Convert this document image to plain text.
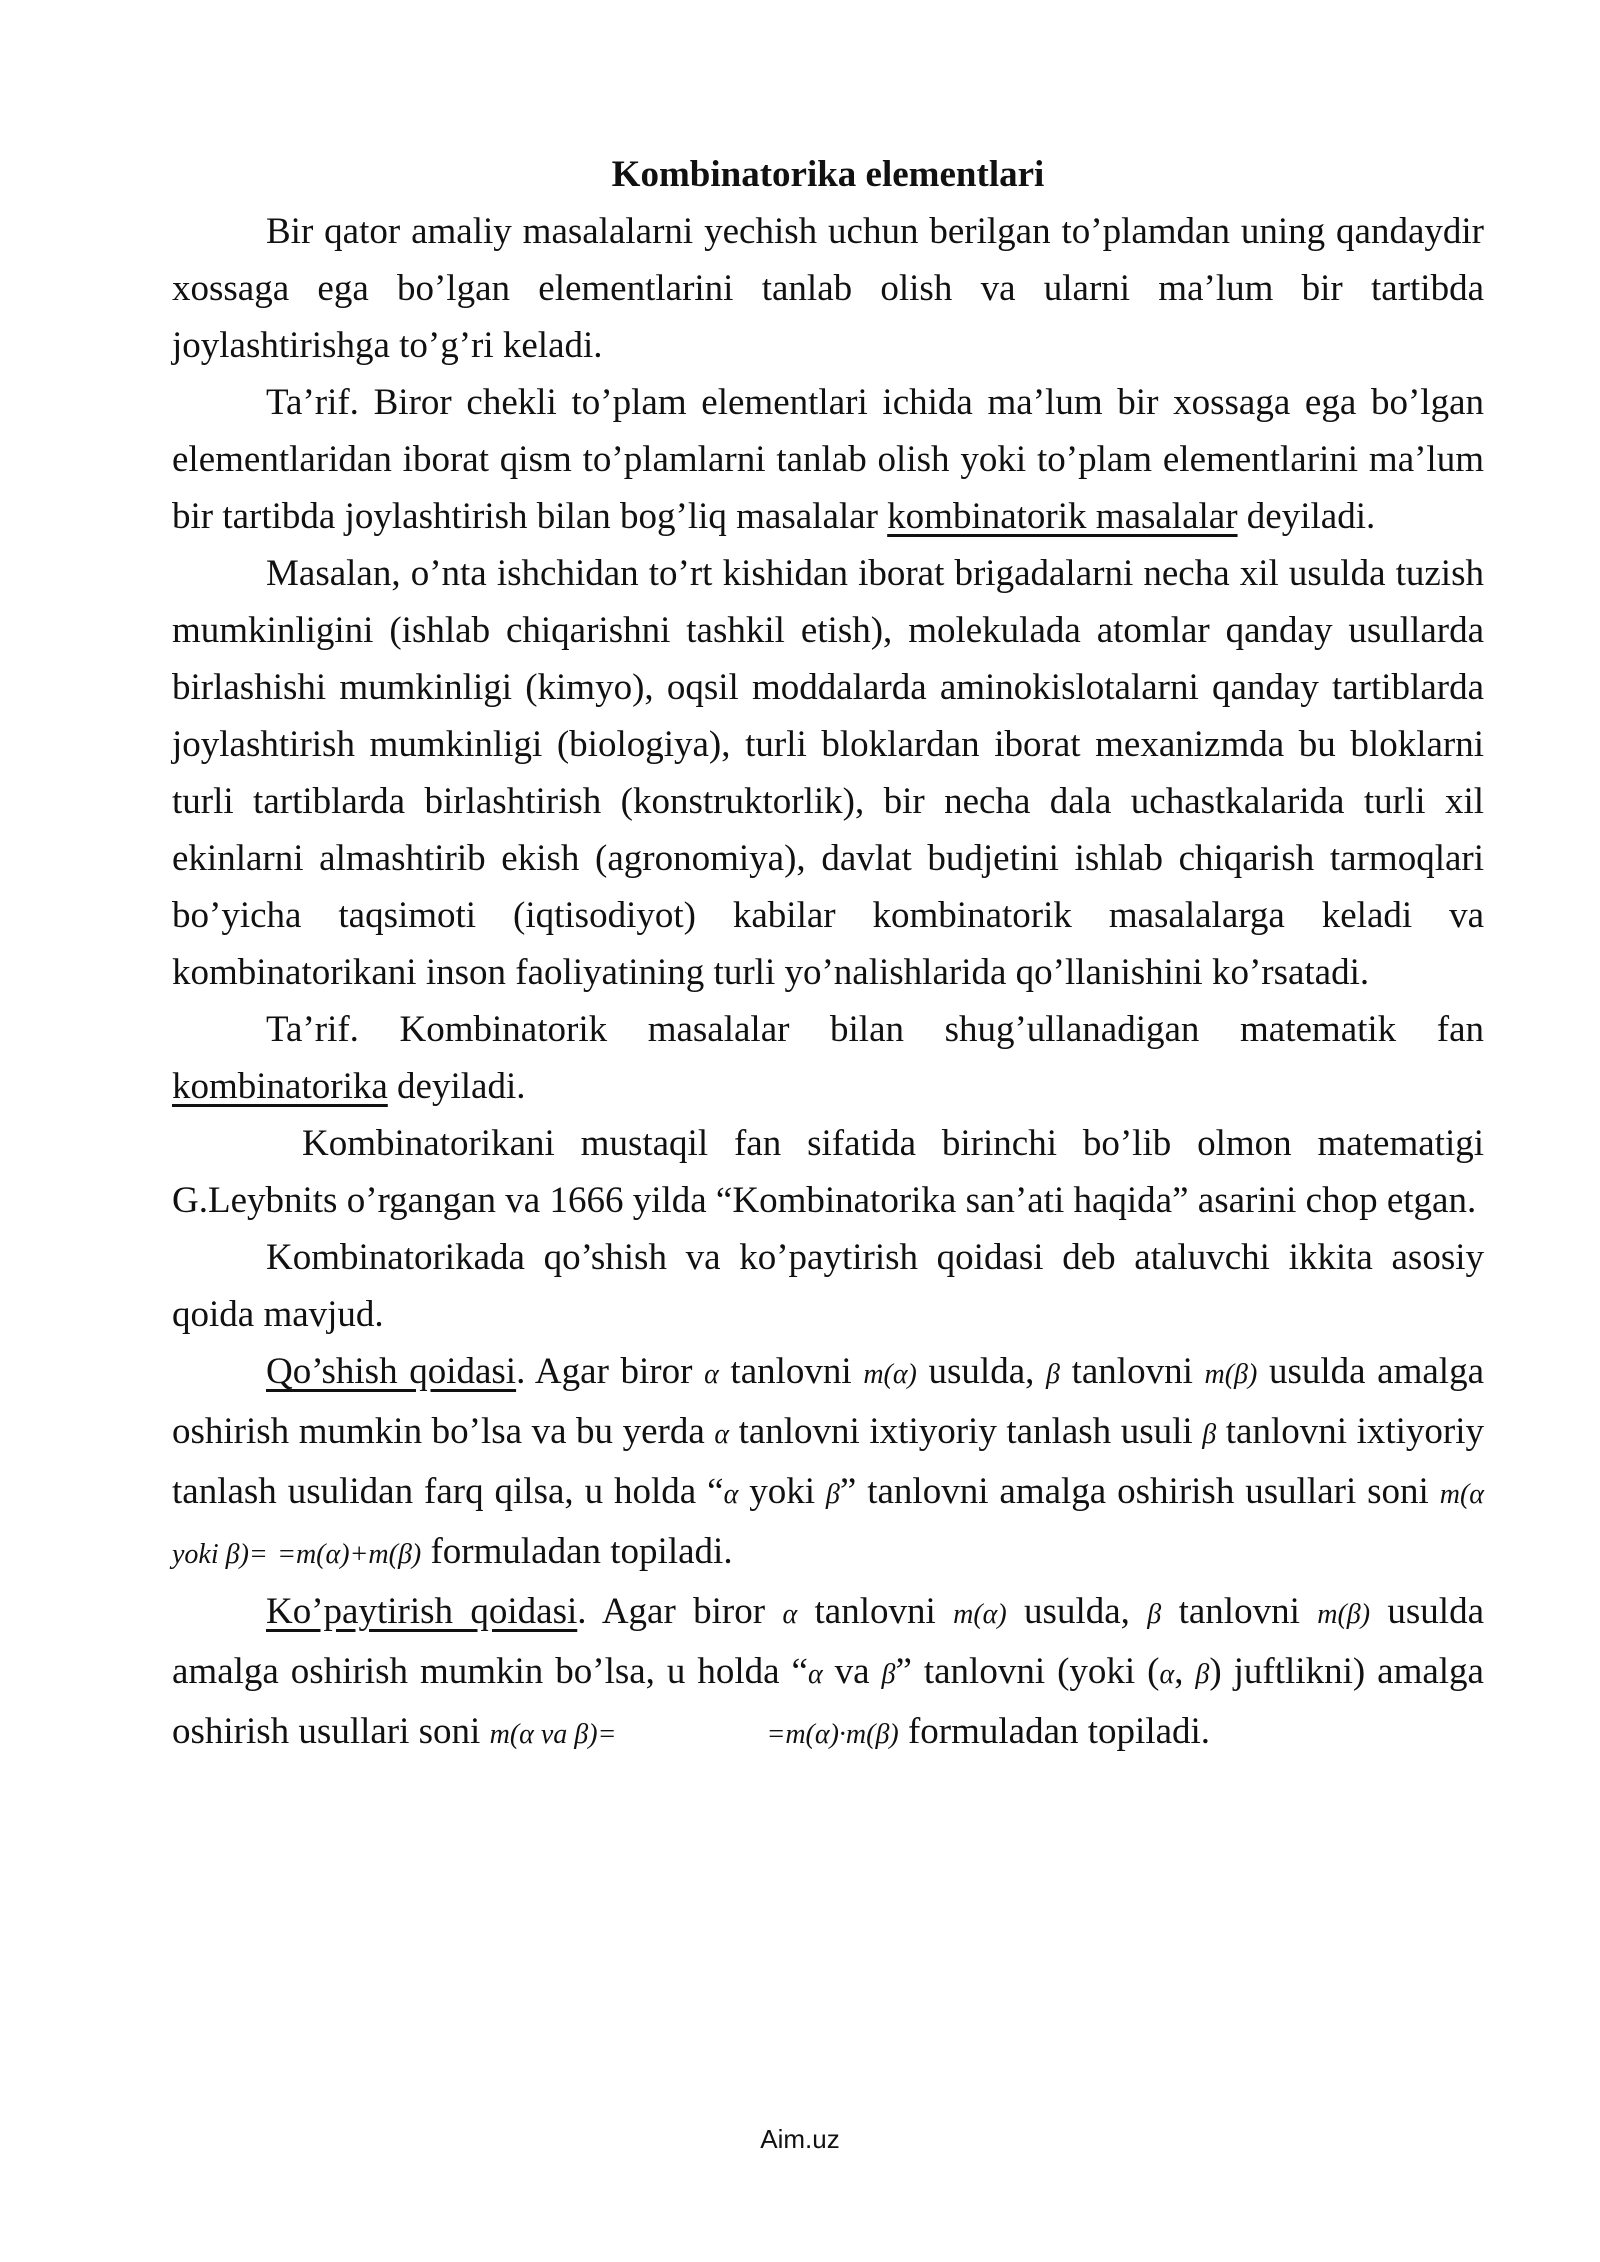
Kombinatorika elementlari

Bir qator amaliy masalalarni yechish uchun berilgan to’plamdan uning qandaydir xossaga ega bo’lgan elementlarini tanlab olish va ularni ma’lum bir tartibda joylashtirishga to’g’ri keladi.

Ta’rif. Biror chekli to’plam elementlari ichida ma’lum bir xossaga ega bo’lgan elementlaridan iborat qism to’plamlarni tanlab olish yoki to’plam elementlarini ma’lum bir tartibda joylashtirish bilan bog’liq masalalar kombinatorik masalalar deyiladi.

Masalan, o’nta ishchidan to’rt kishidan iborat brigadalarni necha xil usulda tuzish mumkinligini (ishlab chiqarishni tashkil etish), molekulada atomlar qanday usullarda birlashishi mumkinligi (kimyo), oqsil moddalarda aminokislotalarni qanday tartiblarda joylashtirish mumkinligi (biologiya), turli bloklardan iborat mexanizmda bu bloklarni turli tartiblarda birlashtirish (konstruktorlik), bir necha dala uchastkalarida turli xil ekinlarni almashtirib ekish (agronomiya), davlat budjetini ishlab chiqarish tarmoqlari bo’yicha taqsimoti (iqtisodiyot) kabilar kombinatorik masalalarga keladi va kombinatorikani inson faoliyatining turli yo’nalishlarida qo’llanishini ko’rsatadi.

Ta’rif. Kombinatorik masalalar bilan shug’ullanadigan matematik fan kombinatorika deyiladi.

Kombinatorikani mustaqil fan sifatida birinchi bo’lib olmon matematigi G.Leybnits o’rgangan va 1666 yilda “Kombinatorika san’ati haqida” asarini chop etgan.

Kombinatorikada qo’shish va ko’paytirish qoidasi deb ataluvchi ikkita asosiy qoida mavjud.

Qo’shish qoidasi. Agar biror α tanlovni m(α) usulda, β tanlovni m(β) usulda amalga oshirish mumkin bo’lsa va bu yerda α tanlovni ixtiyoriy tanlash usuli β tanlovni ixtiyoriy tanlash usulidan farq qilsa, u holda “α yoki β” tanlovni amalga oshirish usullari soni m(α yoki β)= =m(α)+m(β) formuladan topiladi.

Ko’paytirish qoidasi. Agar biror α tanlovni m(α) usulda, β tanlovni m(β) usulda amalga oshirish mumkin bo’lsa, u holda “α va β” tanlovni (yoki (α, β) juftlikni) amalga oshirish usullari soni m(α va β)=	=m(α)·m(β) formuladan topiladi.

Aim.uz
